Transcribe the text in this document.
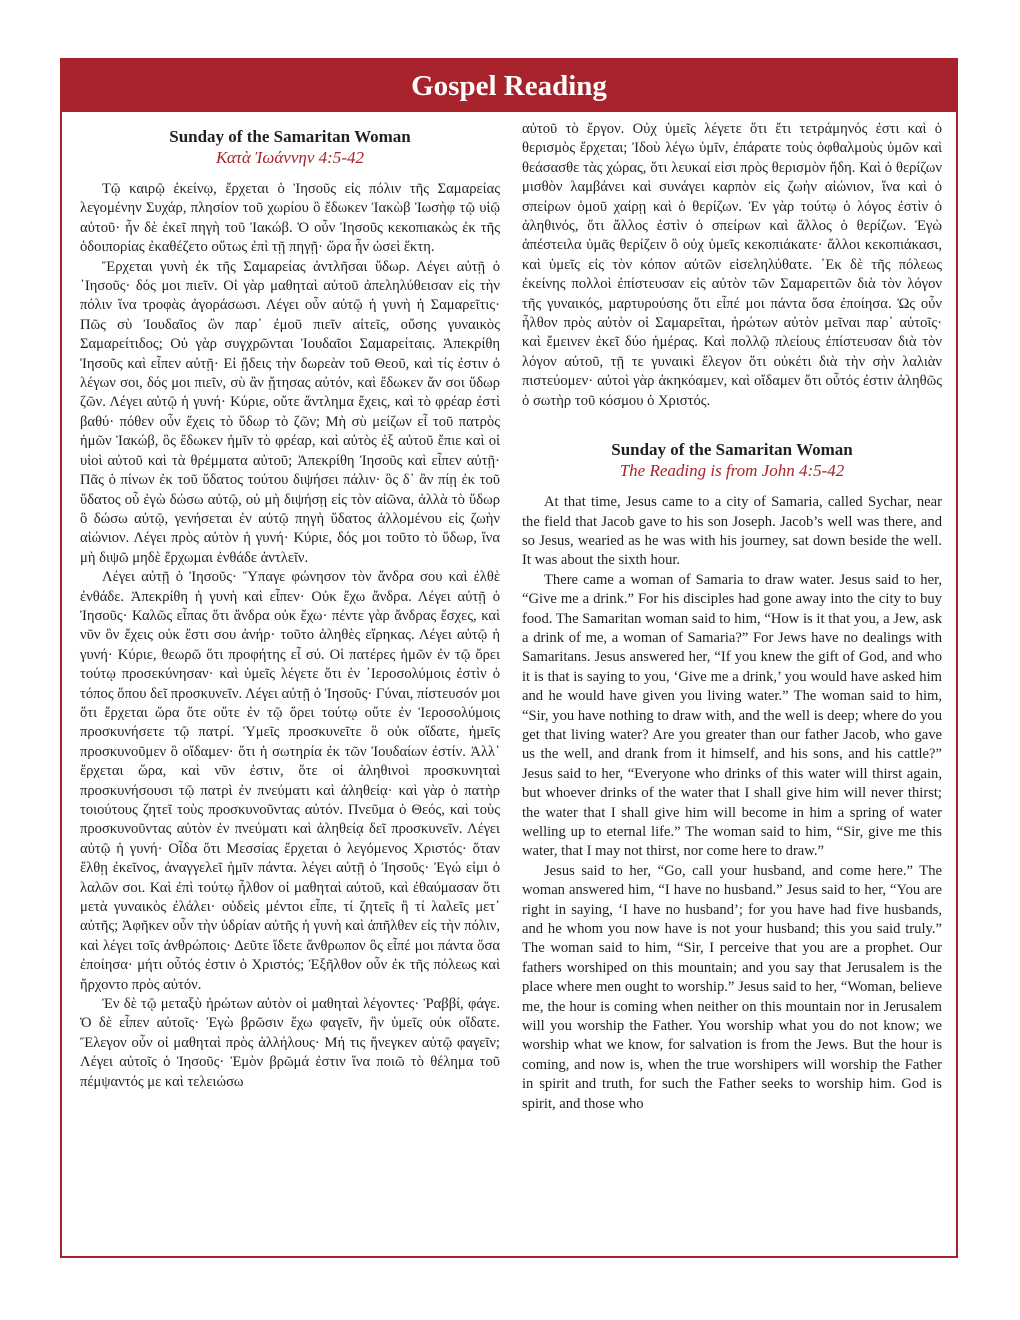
Gospel Reading
Sunday of the Samaritan Woman
Κατὰ Ἰωάννην 4:5-42

Τῷ καιρῷ ἐκείνῳ, ἔρχεται ὁ Ἰησοῦς εἰς πόλιν τῆς Σαμαρείας λεγομένην Συχάρ, πλησίον τοῦ χωρίου ὃ ἔδωκεν Ἰακὼβ Ἰωσὴφ τῷ υἱῷ αὐτοῦ· ἦν δὲ ἐκεῖ πηγὴ τοῦ Ἰακώβ. Ὁ οὖν Ἰησοῦς κεκοπιακὼς ἐκ τῆς ὁδοιπορίας ἐκαθέζετο οὕτως ἐπὶ τῇ πηγῇ· ὥρα ἦν ὡσεὶ ἕκτη.

Ἔρχεται γυνὴ ἐκ τῆς Σαμαρείας ἀντλῆσαι ὕδωρ. Λέγει αὐτῇ ὁ ᾿Ιησοῦς· δός μοι πιεῖν. Οἱ γὰρ μαθηταὶ αὐτοῦ ἀπεληλύθεισαν εἰς τὴν πόλιν ἵνα τροφὰς ἀγοράσωσι. Λέγει οὖν αὐτῷ ἡ γυνὴ ἡ Σαμαρεῖτις· Πῶς σὺ Ἰουδαῖος ὢν παρ᾿ ἐμοῦ πιεῖν αἰτεῖς, οὔσης γυναικὸς Σαμαρείτιδος; Οὐ γὰρ συγχρῶνται Ἰουδαῖοι Σαμαρείταις. Ἀπεκρίθη Ἰησοῦς καὶ εἶπεν αὐτῇ· Εἰ ᾔδεις τὴν δωρεὰν τοῦ Θεοῦ, καὶ τίς ἐστιν ὁ λέγων σοι, δός μοι πιεῖν, σὺ ἂν ᾔτησας αὐτόν, καὶ ἔδωκεν ἄν σοι ὕδωρ ζῶν. Λέγει αὐτῷ ἡ γυνή· Κύριε, οὔτε ἄντλημα ἔχεις, καὶ τὸ φρέαρ ἐστὶ βαθύ· πόθεν οὖν ἔχεις τὸ ὕδωρ τὸ ζῶν; Μὴ σὺ μείζων εἶ τοῦ πατρὸς ἡμῶν Ἰακώβ, ὃς ἔδωκεν ἡμῖν τὸ φρέαρ, καὶ αὐτὸς ἐξ αὐτοῦ ἔπιε καὶ οἱ υἱοὶ αὐτοῦ καὶ τὰ θρέμματα αὐτοῦ; Ἀπεκρίθη Ἰησοῦς καὶ εἶπεν αὐτῇ· Πᾶς ὁ πίνων ἐκ τοῦ ὕδατος τούτου διψήσει πάλιν· ὃς δ᾿ ἂν πίῃ ἐκ τοῦ ὕδατος οὗ ἐγὼ δώσω αὐτῷ, οὐ μὴ διψήσῃ εἰς τὸν αἰῶνα, ἀλλὰ τὸ ὕδωρ ὃ δώσω αὐτῷ, γενήσεται ἐν αὐτῷ πηγὴ ὕδατος ἁλλομένου εἰς ζωὴν αἰώνιον. Λέγει πρὸς αὐτὸν ἡ γυνή· Κύριε, δός μοι τοῦτο τὸ ὕδωρ, ἵνα μὴ διψῶ μηδὲ ἔρχωμαι ἐνθάδε ἀντλεῖν.

Λέγει αὐτῇ ὁ Ἰησοῦς· Ὕπαγε φώνησον τὸν ἄνδρα σου καὶ ἐλθὲ ἐνθάδε. Ἀπεκρίθη ἡ γυνὴ καὶ εἶπεν· Οὐκ ἔχω ἄνδρα. Λέγει αὐτῇ ὁ Ἰησοῦς· Καλῶς εἶπας ὅτι ἄνδρα οὐκ ἔχω· πέντε γὰρ ἄνδρας ἔσχες, καὶ νῦν ὃν ἔχεις οὐκ ἔστι σου ἀνήρ· τοῦτο ἀληθὲς εἴρηκας. Λέγει αὐτῷ ἡ γυνή· Κύριε, θεωρῶ ὅτι προφήτης εἶ σύ. Οἱ πατέρες ἡμῶν ἐν τῷ ὄρει τούτῳ προσεκύνησαν· καὶ ὑμεῖς λέγετε ὅτι ἐν ῾Ιεροσολύμοις ἐστὶν ὁ τόπος ὅπου δεῖ προσκυνεῖν. Λέγει αὐτῇ ὁ Ἰησοῦς· Γύναι, πίστευσόν μοι ὅτι ἔρχεται ὥρα ὅτε οὔτε ἐν τῷ ὄρει τούτῳ οὔτε ἐν Ἱεροσολύμοις προσκυνήσετε τῷ πατρί. Ὑμεῖς προσκυνεῖτε ὃ οὐκ οἴδατε, ἡμεῖς προσκυνοῦμεν ὃ οἴδαμεν· ὅτι ἡ σωτηρία ἐκ τῶν Ἰουδαίων ἐστίν. Ἀλλ᾿ ἔρχεται ὥρα, καὶ νῦν ἐστιν, ὅτε οἱ ἀληθινοὶ προσκυνηταὶ προσκυνήσουσι τῷ πατρὶ ἐν πνεύματι καὶ ἀληθείᾳ· καὶ γὰρ ὁ πατὴρ τοιούτους ζητεῖ τοὺς προσκυνοῦντας αὐτόν. Πνεῦμα ὁ Θεός, καὶ τοὺς προσκυνοῦντας αὐτὸν ἐν πνεύματι καὶ ἀληθείᾳ δεῖ προσκυνεῖν. Λέγει αὐτῷ ἡ γυνή· Οἶδα ὅτι Μεσσίας ἔρχεται ὁ λεγόμενος Χριστός· ὅταν ἔλθῃ ἐκεῖνος, ἀναγγελεῖ ἡμῖν πάντα. λέγει αὐτῇ ὁ Ἰησοῦς· Ἐγώ εἰμι ὁ λαλῶν σοι. Καὶ ἐπὶ τούτῳ ἦλθον οἱ μαθηταὶ αὐτοῦ, καὶ ἐθαύμασαν ὅτι μετὰ γυναικὸς ἐλάλει· οὐδεὶς μέντοι εἶπε, τί ζητεῖς ἢ τί λαλεῖς μετ᾿ αὐτῆς; Ἀφῆκεν οὖν τὴν ὑδρίαν αὐτῆς ἡ γυνὴ καὶ ἀπῆλθεν εἰς τὴν πόλιν, καὶ λέγει τοῖς ἀνθρώποις· Δεῦτε ἴδετε ἄνθρωπον ὃς εἶπέ μοι πάντα ὅσα ἐποίησα· μήτι οὗτός ἐστιν ὁ Χριστός; Ἐξῆλθον οὖν ἐκ τῆς πόλεως καὶ ἤρχοντο πρὸς αὐτόν.

Ἐν δὲ τῷ μεταξὺ ἠρώτων αὐτὸν οἱ μαθηταὶ λέγοντες· Ῥαββί, φάγε. Ὁ δὲ εἶπεν αὐτοῖς· Ἐγὼ βρῶσιν ἔχω φαγεῖν, ἣν ὑμεῖς οὐκ οἴδατε. Ἔλεγον οὖν οἱ μαθηταὶ πρὸς ἀλλήλους· Μή τις ἤνεγκεν αὐτῷ φαγεῖν; Λέγει αὐτοῖς ὁ Ἰησοῦς· Ἐμὸν βρῶμά ἐστιν ἵνα ποιῶ τὸ θέλημα τοῦ πέμψαντός με καὶ τελειώσω

αὐτοῦ τὸ ἔργον. Οὐχ ὑμεῖς λέγετε ὅτι ἔτι τετράμηνός ἐστι καὶ ὁ θερισμὸς ἔρχεται; Ἰδοὺ λέγω ὑμῖν, ἐπάρατε τοὺς ὀφθαλμοὺς ὑμῶν καὶ θεάσασθε τὰς χώρας, ὅτι λευκαί εἰσι πρὸς θερισμὸν ἤδη. Καὶ ὁ θερίζων μισθὸν λαμβάνει καὶ συνάγει καρπὸν εἰς ζωὴν αἰώνιον, ἵνα καὶ ὁ σπείρων ὁμοῦ χαίρῃ καὶ ὁ θερίζων. Ἐν γὰρ τούτῳ ὁ λόγος ἐστὶν ὁ ἀληθινός, ὅτι ἄλλος ἐστὶν ὁ σπείρων καὶ ἄλλος ὁ θερίζων. Ἐγὼ ἀπέστειλα ὑμᾶς θερίζειν ὃ οὐχ ὑμεῖς κεκοπιάκατε· ἄλλοι κεκοπιάκασι, καὶ ὑμεῖς εἰς τὸν κόπον αὐτῶν εἰσεληλύθατε. ᾿Εκ δὲ τῆς πόλεως ἐκείνης πολλοὶ ἐπίστευσαν εἰς αὐτὸν τῶν Σαμαρειτῶν διὰ τὸν λόγον τῆς γυναικός, μαρτυρούσης ὅτι εἶπέ μοι πάντα ὅσα ἐποίησα. Ὡς οὖν ἦλθον πρὸς αὐτὸν οἱ Σαμαρεῖται, ἠρώτων αὐτὸν μεῖναι παρ᾿ αὐτοῖς· καὶ ἔμεινεν ἐκεῖ δύο ἡμέρας. Καὶ πολλῷ πλείους ἐπίστευσαν διὰ τὸν λόγον αὐτοῦ, τῇ τε γυναικὶ ἔλεγον ὅτι οὐκέτι διὰ τὴν σὴν λαλιὰν πιστεύομεν· αὐτοὶ γὰρ ἀκηκόαμεν, καὶ οἴδαμεν ὅτι οὗτός ἐστιν ἀληθῶς ὁ σωτὴρ τοῦ κόσμου ὁ Χριστός.

Sunday of the Samaritan Woman
The Reading is from John 4:5-42

At that time, Jesus came to a city of Samaria, called Sychar, near the field that Jacob gave to his son Joseph. Jacob’s well was there, and so Jesus, wearied as he was with his journey, sat down beside the well. It was about the sixth hour.

There came a woman of Samaria to draw water. Jesus said to her, “Give me a drink.” For his disciples had gone away into the city to buy food. The Samaritan woman said to him, “How is it that you, a Jew, ask a drink of me, a woman of Samaria?” For Jews have no dealings with Samaritans. Jesus answered her, “If you knew the gift of God, and who it is that is saying to you, ‘Give me a drink,’ you would have asked him and he would have given you living water.” The woman said to him, “Sir, you have nothing to draw with, and the well is deep; where do you get that living water? Are you greater than our father Jacob, who gave us the well, and drank from it himself, and his sons, and his cattle?” Jesus said to her, “Everyone who drinks of this water will thirst again, but whoever drinks of the water that I shall give him will never thirst; the water that I shall give him will become in him a spring of water welling up to eternal life.” The woman said to him, “Sir, give me this water, that I may not thirst, nor come here to draw.”

Jesus said to her, “Go, call your husband, and come here.” The woman answered him, “I have no husband.” Jesus said to her, “You are right in saying, ‘I have no husband’; for you have had five husbands, and he whom you now have is not your husband; this you said truly.” The woman said to him, “Sir, I perceive that you are a prophet. Our fathers worshiped on this mountain; and you say that Jerusalem is the place where men ought to worship.” Jesus said to her, “Woman, believe me, the hour is coming when neither on this mountain nor in Jerusalem will you worship the Father. You worship what you do not know; we worship what we know, for salvation is from the Jews. But the hour is coming, and now is, when the true worshipers will worship the Father in spirit and truth, for such the Father seeks to worship him. God is spirit, and those who
